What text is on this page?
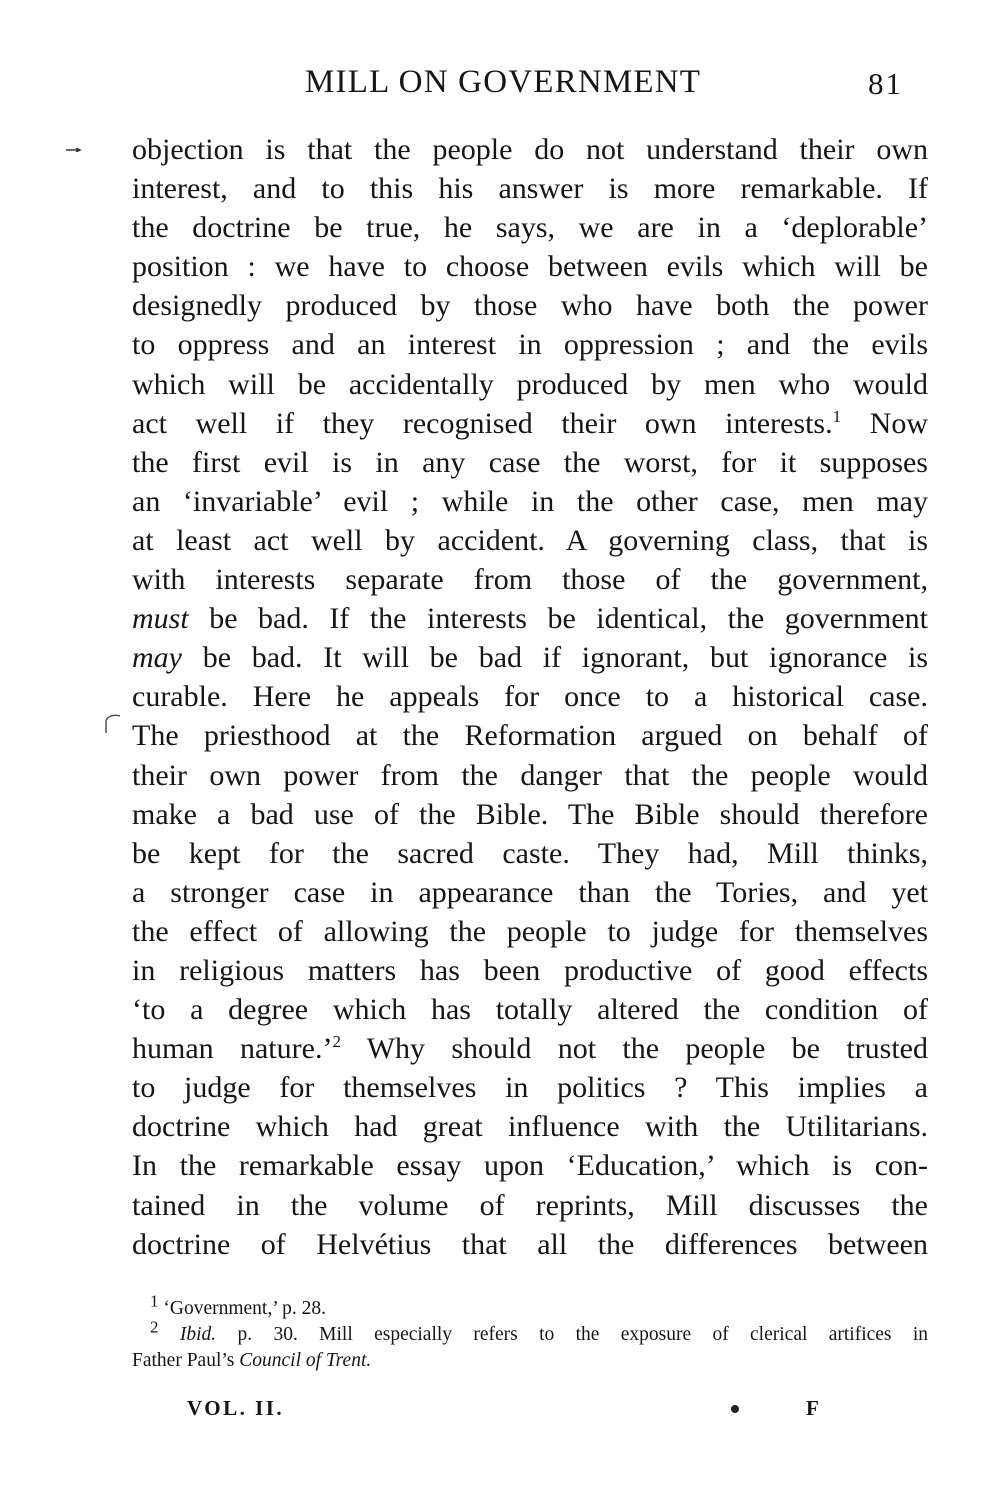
MILL ON GOVERNMENT	81
objection is that the people do not understand their own
interest, and to this his answer is more remarkable. If
the doctrine be true, he says, we are in a ‘deplorable’
position : we have to choose between evils which will be
designedly produced by those who have both the power
to oppress and an interest in oppression ; and the evils
which will be accidentally produced by men who would
act well if they recognised their own interests.$^1$ Now
the first evil is in any case the worst, for it supposes
an ‘invariable’ evil ; while in the other case, men may
at least act well by accident. A governing class, that is
with interests separate from those of the government,
must be bad. If the interests be identical, the government
may be bad. It will be bad if ignorant, but ignorance is
curable. Here he appeals for once to a historical case.
The priesthood at the Reformation argued on behalf of
their own power from the danger that the people would
make a bad use of the Bible. The Bible should therefore
be kept for the sacred caste. They had, Mill thinks,
a stronger case in appearance than the Tories, and yet
the effect of allowing the people to judge for themselves
in religious matters has been productive of good effects
‘to a degree which has totally altered the condition of
human nature.’$^2$ Why should not the people be trusted
to judge for themselves in politics ? This implies a
doctrine which had great influence with the Utilitarians.
In the remarkable essay upon ‘Education,’ which is con-
tained in the volume of reprints, Mill discusses the
doctrine of Helvétius that all the differences between
$^1$ ‘Government,’ p. 28.
$^2$ Ibid. p. 30. Mill especially refers to the exposure of clerical artifices in
Father Paul’s Council of Trent.
VOL. II.	F
